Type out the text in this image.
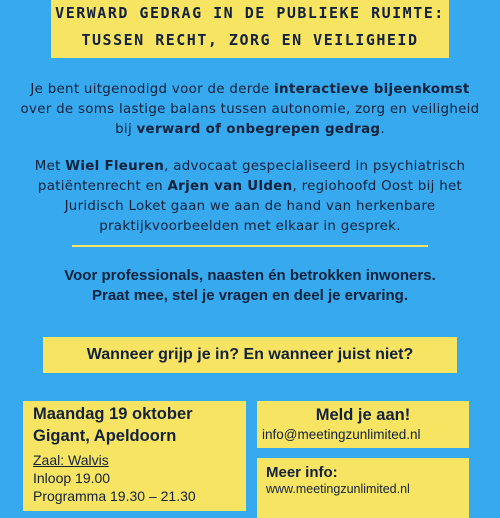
VERWARD GEDRAG IN DE PUBLIEKE RUIMTE:
TUSSEN RECHT, ZORG EN VEILIGHEID
Je bent uitgenodigd voor de derde interactieve bijeenkomst over de soms lastige balans tussen autonomie, zorg en veiligheid bij verward of onbegrepen gedrag.
Met Wiel Fleuren, advocaat gespecialiseerd in psychiatrisch patiëntenrecht en Arjen van Ulden, regiohoofd Oost bij het Juridisch Loket gaan we aan de hand van herkenbare praktijkvoorbeelden met elkaar in gesprek.
Voor professionals, naasten én betrokken inwoners.
Praat mee, stel je vragen en deel je ervaring.
Wanneer grijp je in? En wanneer juist niet?
Maandag 19 oktober
Gigant, Apeldoorn
Zaal: Walvis
Inloop 19.00
Programma 19.30 – 21.30
Meld je aan!
info@meetingzunlimited.nl
Meer info:
www.meetingzunlimited.nl
